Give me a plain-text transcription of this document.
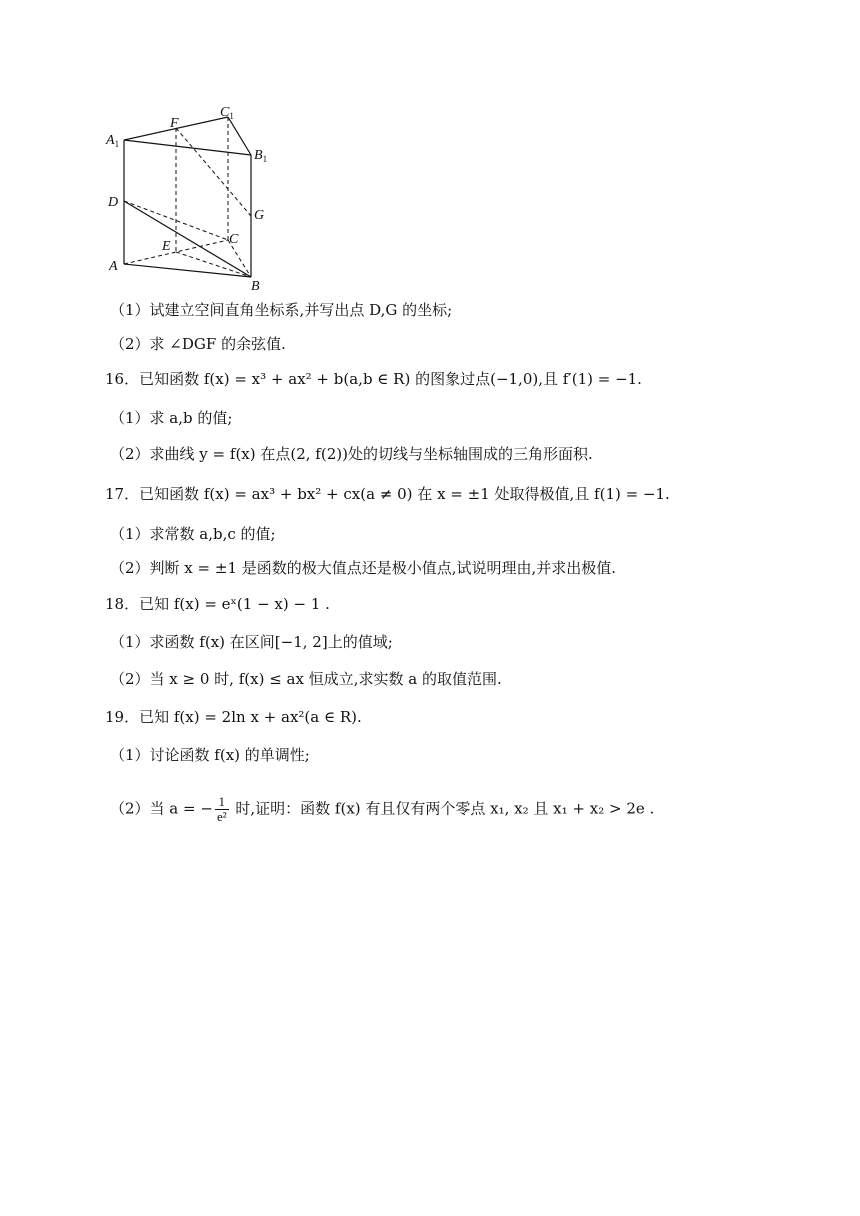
$A_1$
F
$C_1$
$B_1$
G
D
E	C
A
B
（1）试建立空间直角坐标系,并写出点 D,G 的坐标;
（2）求 ∠DGF 的余弦值.
16．已知函数 f(x) = x³ + ax² + b(a,b ∈ R) 的图象过点(−1,0),且 f′(1) = −1.
（1）求 a,b 的值;
（2）求曲线 y = f(x) 在点(2, f(2))处的切线与坐标轴围成的三角形面积.
17．已知函数 f(x) = ax³ + bx² + cx(a ≠ 0) 在 x = ±1 处取得极值,且 f(1) = −1.
（1）求常数 a,b,c 的值;
（2）判断 x = ±1 是函数的极大值点还是极小值点,试说明理由,并求出极值.
18．已知 f(x) = eˣ(1 − x) − 1 .
（1）求函数 f(x) 在区间[−1, 2]上的值域;
（2）当 x ≥ 0 时, f(x) ≤ ax 恒成立,求实数 a 的取值范围.
19．已知 f(x) = 2ln x + ax²(a ∈ R).
（1）讨论函数 f(x) 的单调性;
（2）当 a = − $\frac{1}{\text{e²}}$ 时,证明：函数 f(x) 有且仅有两个零点 x₁, x₂ 且 x₁ + x₂ > 2e .
